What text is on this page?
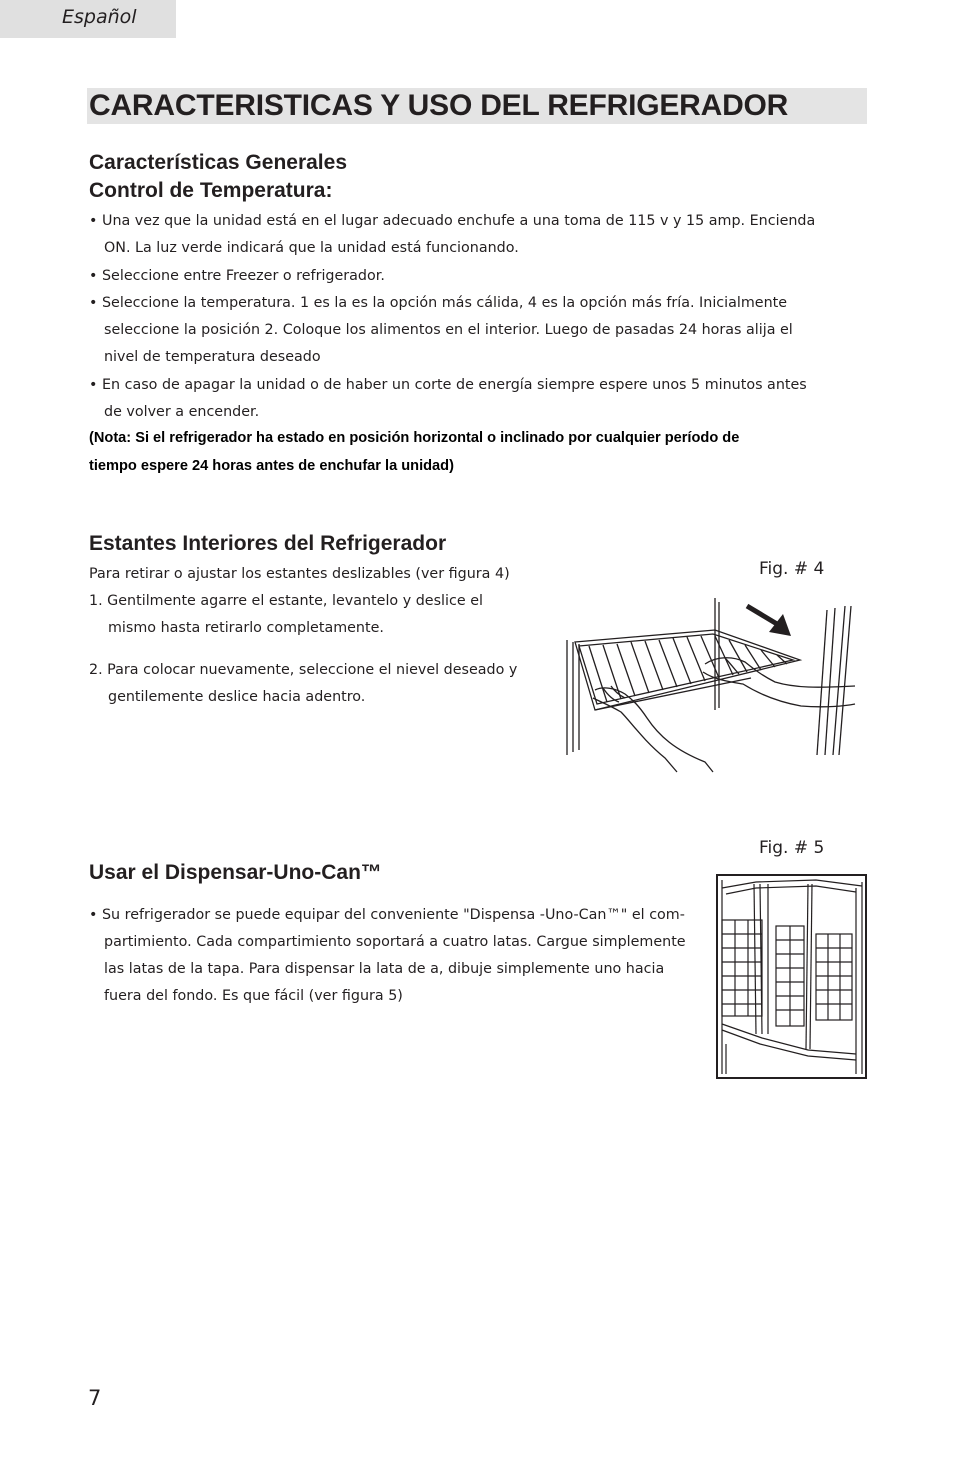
Español
CARACTERISTICAS Y USO DEL REFRIGERADOR
Características Generales
Control de Temperatura:
• Una vez que la unidad está en el lugar adecuado enchufe a una toma de 115 v y 15 amp. Encienda
ON. La luz verde indicará que la unidad está funcionando.
• Seleccione entre Freezer o refrigerador.
• Seleccione la temperatura. 1 es la es la opción más cálida, 4 es la opción más fría. Inicialmente
seleccione la posición 2. Coloque los alimentos en el interior. Luego de pasadas 24 horas alija el
nivel de temperatura deseado
• En caso de apagar la unidad o de haber un corte de energía siempre espere unos 5 minutos antes
de volver a encender.
(Nota: Si el refrigerador ha estado en posición horizontal o inclinado por cualquier período de
tiempo espere 24 horas antes de enchufar la unidad)
Estantes Interiores del Refrigerador
Para retirar o ajustar los estantes deslizables (ver figura 4)
1. Gentilmente agarre el estante, levantelo y deslice el
mismo hasta retirarlo completamente.
2. Para colocar nuevamente, seleccione el nievel deseado y
gentilemente deslice hacia adentro.
Fig. # 4
Fig. # 5
Usar el Dispensar-Uno-Can™
• Su refrigerador se puede equipar del conveniente "Dispensa -Uno-Can™" el com-
partimiento. Cada compartimiento soportará a cuatro latas. Cargue simplemente
las latas de la tapa. Para dispensar la lata de a, dibuje simplemente uno hacia
fuera del fondo. Es que fácil (ver figura 5)
7
